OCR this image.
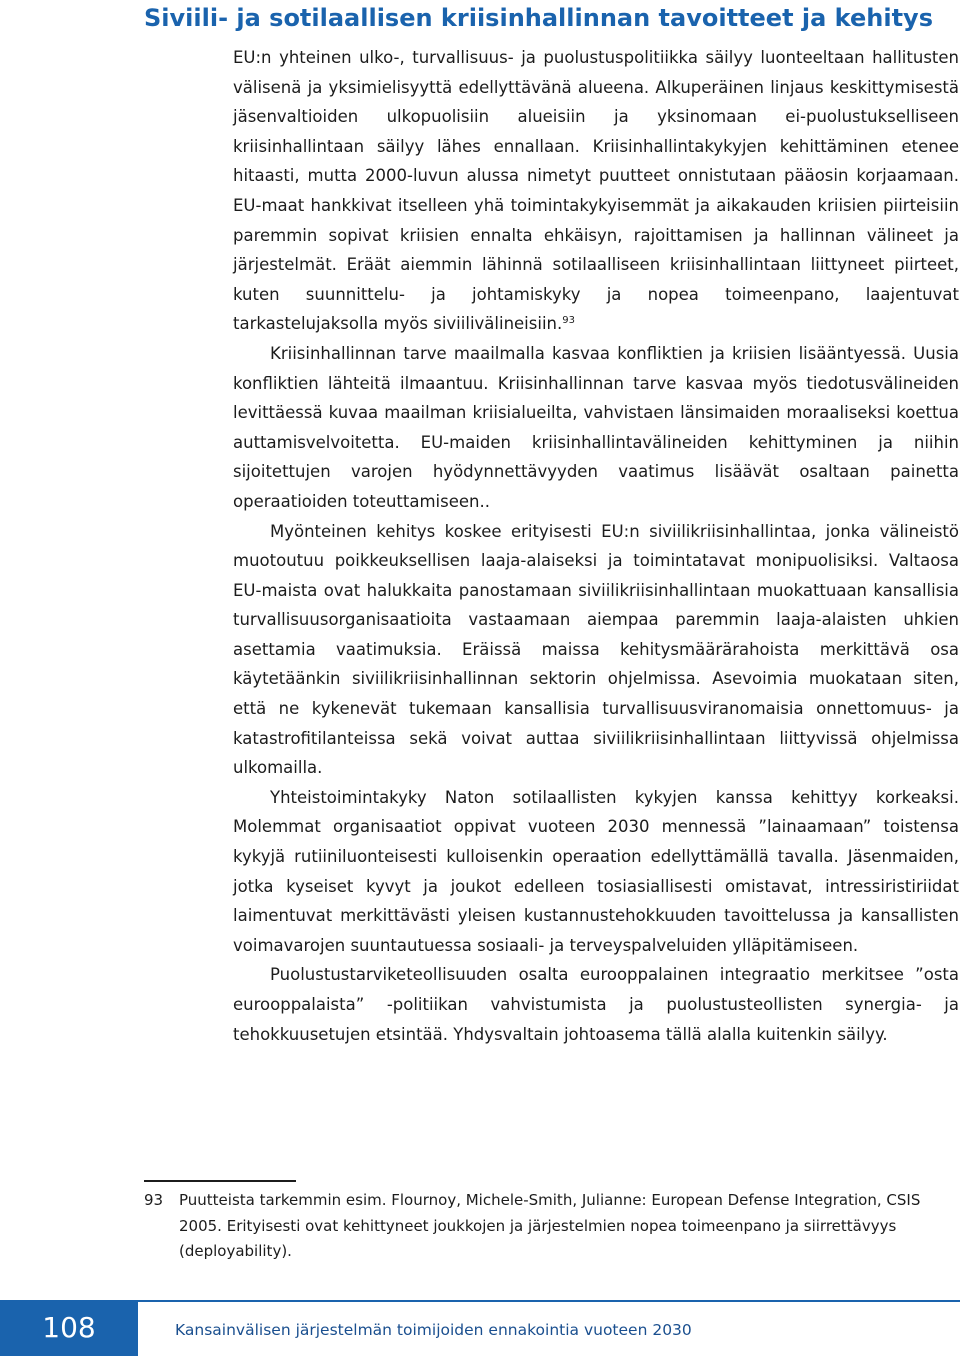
Siviili- ja sotilaallisen kriisinhallinnan tavoitteet ja kehitys

EU:n yhteinen ulko-, turvallisuus- ja puolustuspolitiikka säilyy luonteeltaan hallitusten välisenä ja yksimielisyyttä edellyttävänä alueena. Alkuperäinen linjaus keskittymisestä jäsenvaltioiden ulkopuolisiin alueisiin ja yksinomaan ei-puolustukselliseen kriisinhallintaan säilyy lähes ennallaan. Kriisinhallintakykyjen kehittäminen etenee hitaasti, mutta 2000-luvun alussa nimetyt puutteet onnistutaan pääosin korjaamaan. EU-maat hankkivat itselleen yhä toimintakykyisemmät ja aikakauden kriisien piirteisiin paremmin sopivat kriisien ennalta ehkäisyn, rajoittamisen ja hallinnan välineet ja järjestelmät. Eräät aiemmin lähinnä sotilaalliseen kriisinhallintaan liittyneet piirteet, kuten suunnittelu- ja johtamiskyky ja nopea toimeenpano, laajentuvat tarkastelujaksolla myös siviilivälineisiin.$^{93}$

Kriisinhallinnan tarve maailmalla kasvaa konfliktien ja kriisien lisääntyessä. Uusia konfliktien lähteitä ilmaantuu. Kriisinhallinnan tarve kasvaa myös tiedotusvälineiden levittäessä kuvaa maailman kriisialueilta, vahvistaen länsimaiden moraaliseksi koettua auttamisvelvoitetta. EU-maiden kriisinhallintavälineiden kehittyminen ja niihin sijoitettujen varojen hyödynnettävyyden vaatimus lisäävät osaltaan painetta operaatioiden toteuttamiseen..

Myönteinen kehitys koskee erityisesti EU:n siviilikriisinhallintaa, jonka välineistö muotoutuu poikkeuksellisen laaja-alaiseksi ja toimintatavat monipuolisiksi. Valtaosa EU-maista ovat halukkaita panostamaan siviilikriisinhallintaan muokattuaan kansallisia turvallisuusorganisaatioita vastaamaan aiempaa paremmin laaja-alaisten uhkien asettamia vaatimuksia. Eräissä maissa kehitysmäärärahoista merkittävä osa käytetäänkin siviilikriisinhallinnan sektorin ohjelmissa. Asevoimia muokataan siten, että ne kykenevät tukemaan kansallisia turvallisuusviranomaisia onnettomuus- ja katastrofitilanteissa sekä voivat auttaa siviilikriisinhallintaan liittyvissä ohjelmissa ulkomailla.

Yhteistoimintakyky Naton sotilaallisten kykyjen kanssa kehittyy korkeaksi. Molemmat organisaatiot oppivat vuoteen 2030 mennessä ”lainaamaan” toistensa kykyjä rutiiniluonteisesti kulloisenkin operaation edellyttämällä tavalla. Jäsenmaiden, jotka kyseiset kyvyt ja joukot edelleen tosiasiallisesti omistavat, intressiristiriidat laimentuvat merkittävästi yleisen kustannustehokkuuden tavoittelussa ja kansallisten voimavarojen suuntautuessa sosiaali- ja terveyspalveluiden ylläpitämiseen.

Puolustustarviketeollisuuden osalta eurooppalainen integraatio merkitsee ”osta eurooppalaista” -politiikan vahvistumista ja puolustusteollisten synergia- ja tehokkuusetujen etsintää. Yhdysvaltain johtoasema tällä alalla kuitenkin säilyy.

93 Puutteista tarkemmin esim. Flournoy, Michele-Smith, Julianne: European Defense Integration, CSIS 2005. Erityisesti ovat kehittyneet joukkojen ja järjestelmien nopea toimeenpano ja siirrettävyys (deployability).
108	Kansainvälisen järjestelmän toimijoiden ennakointia vuoteen 2030
